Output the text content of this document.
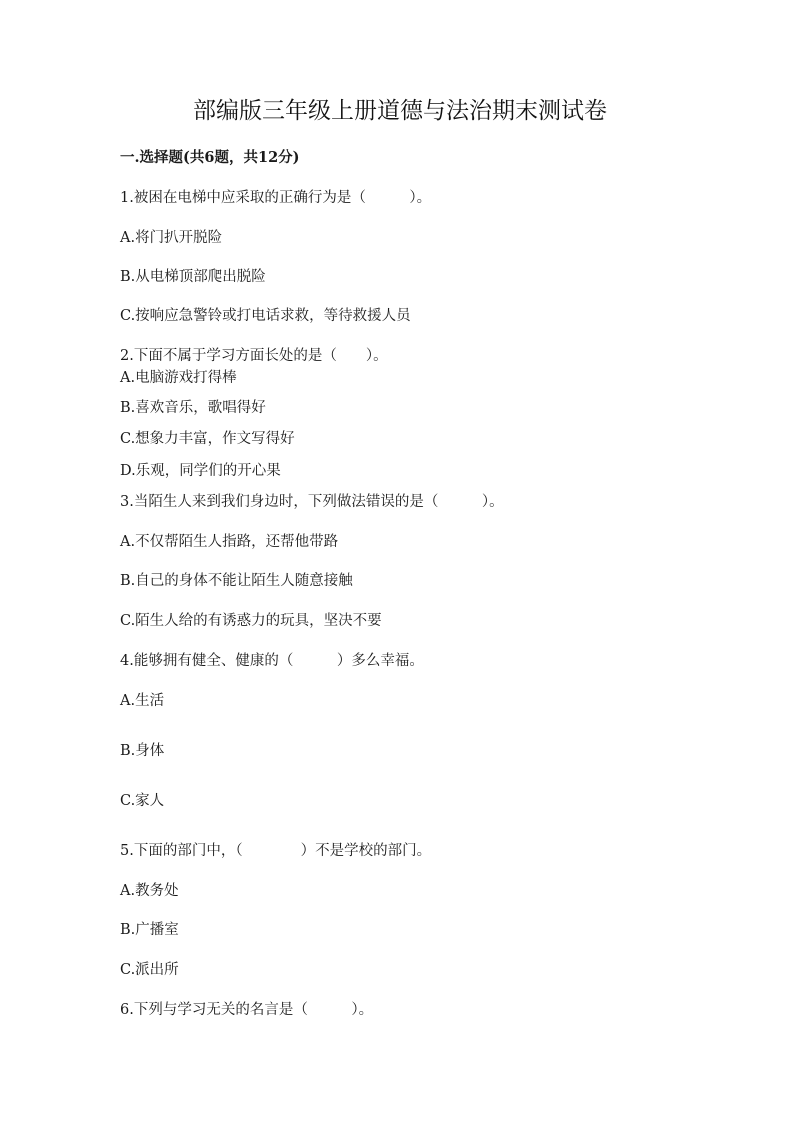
部编版三年级上册道德与法治期末测试卷
一.选择题(共6题，共12分)
1.被困在电梯中应采取的正确行为是（　　　）。
A.将门扒开脱险
B.从电梯顶部爬出脱险
C.按响应急警铃或打电话求救，等待救援人员
2.下面不属于学习方面长处的是（　　）。
A.电脑游戏打得棒
B.喜欢音乐，歌唱得好
C.想象力丰富，作文写得好
D.乐观，同学们的开心果
3.当陌生人来到我们身边时，下列做法错误的是（　　　）。
A.不仅帮陌生人指路，还帮他带路
B.自己的身体不能让陌生人随意接触
C.陌生人给的有诱惑力的玩具，坚决不要
4.能够拥有健全、健康的（　　　）多么幸福。
A.生活
B.身体
C.家人
5.下面的部门中，（　　　　）不是学校的部门。
A.教务处
B.广播室
C.派出所
6.下列与学习无关的名言是（　　　）。
